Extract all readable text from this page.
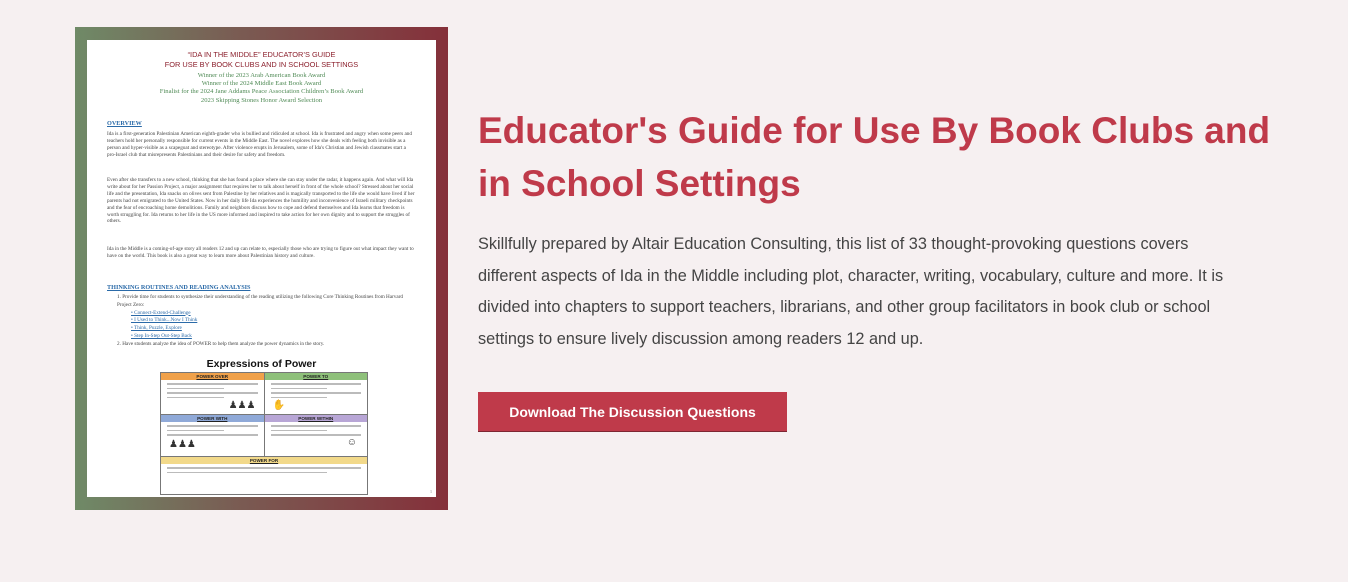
“IDA IN THE MIDDLE” EDUCATOR’S GUIDE
FOR USE BY BOOK CLUBS AND IN SCHOOL SETTINGS
Winner of the 2023 Arab American Book Award
Winner of the 2024 Middle East Book Award
Finalist for the 2024 Jane Addams Peace Association Children’s Book Award
2023 Skipping Stones Honor Award Selection
OVERVIEW
Ida is a first-generation Palestinian American eighth-grader who is bullied and ridiculed at school. Ida is frustrated and angry when some peers and teachers hold her personally responsible for current events in the Middle East. The novel explores how she deals with feeling both invisible as a person and hyper-visible as a scapegoat and stereotype. After violence erupts in Jerusalem, some of Ida's Christian and Jewish classmates start a pro-Israel club that misrepresents Palestinians and their desire for safety and freedom.
Even after she transfers to a new school, thinking that she has found a place where she can stay under the radar, it happens again. And what will Ida write about for her Passion Project, a major assignment that requires her to talk about herself in front of the whole school? Stressed about her social life and the presentation, Ida snacks on olives sent from Palestine by her relatives and is magically transported to the life she would have lived if her parents had not emigrated to the United States. Now in her daily life Ida experiences the humility and inconvenience of Israeli military checkpoints and the fear of encroaching home demolitions. Family and neighbors discuss how to cope and defend themselves and Ida learns that freedom is worth struggling for. Ida returns to her life in the US more informed and inspired to take action for her own dignity and to support the struggles of others.
Ida in the Middle is a coming-of-age story all readers 12 and up can relate to, especially those who are trying to figure out what impact they want to have on the world. This book is also a great way to learn more about Palestinian history and culture.
THINKING ROUTINES AND READING ANALYSIS
1. Provide time for students to synthesize their understanding of the reading utilizing the following Core Thinking Routines from Harvard Project Zero:
• Connect-Extend-Challenge
• I Used to Think...Now I Think
• Think, Puzzle, Explore
• Step In-Step Out-Step Back
2. Have students analyze the idea of POWER to help them analyze the power dynamics in the story.
Expressions of Power
POWER OVER
♟♟♟
POWER TO
✋
POWER WITH
♟♟♟
POWER WITHIN
☺
POWER FOR
1
Educator's Guide for Use By Book Clubs and in School Settings

Skillfully prepared by Altair Education Consulting, this list of 33 thought-provoking questions covers different aspects of Ida in the Middle including plot, character, writing, vocabulary, culture and more. It is divided into chapters to support teachers, librarians, and other group facilitators in book club or school settings to ensure lively discussion among readers 12 and up.

Download The Discussion Questions
